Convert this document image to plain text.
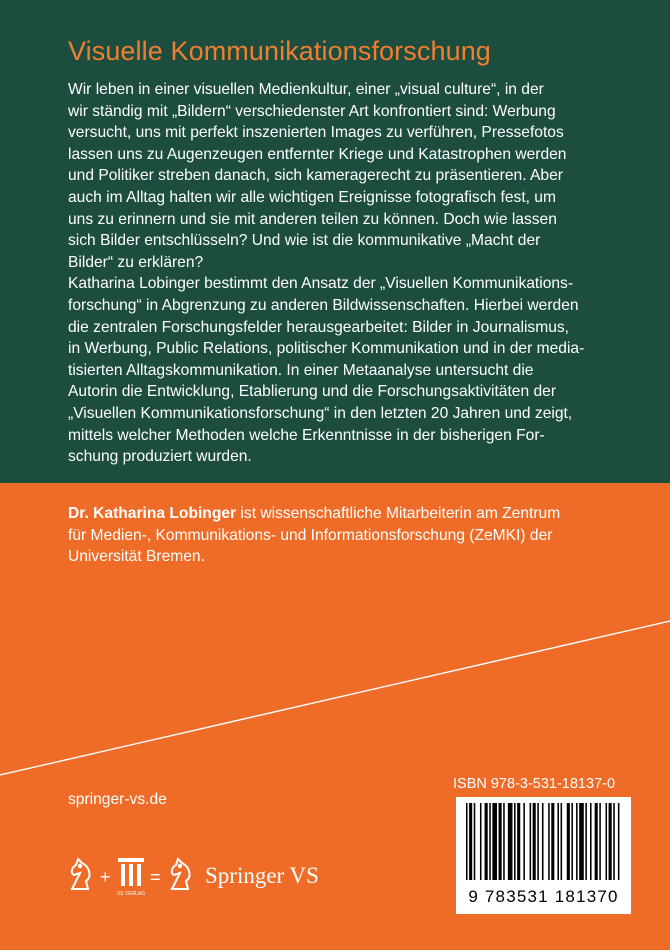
Visuelle Kommunikationsforschung

Wir leben in einer visuellen Medienkultur, einer „visual culture“, in der

wir ständig mit „Bildern“ verschiedenster Art konfrontiert sind: Werbung

versucht, uns mit perfekt inszenierten Images zu verführen, Pressefotos

lassen uns zu Augenzeugen entfernter Kriege und Katastrophen werden

und Politiker streben danach, sich kameragerecht zu präsentieren. Aber

auch im Alltag halten wir alle wichtigen Ereignisse fotografisch fest, um

uns zu erinnern und sie mit anderen teilen zu können. Doch wie lassen

sich Bilder entschlüsseln? Und wie ist die kommunikative „Macht der

Bilder“ zu erklären?

Katharina Lobinger bestimmt den Ansatz der „Visuellen Kommunikations-

forschung“ in Abgrenzung zu anderen Bildwissenschaften. Hierbei werden

die zentralen Forschungsfelder herausgearbeitet: Bilder in Journalismus,

in Werbung, Public Relations, politischer Kommunikation und in der media-

tisierten Alltagskommunikation. In einer Metaanalyse untersucht die

Autorin die Entwicklung, Etablierung und die Forschungsaktivitäten der

„Visuellen Kommunikationsforschung“ in den letzten 20 Jahren und zeigt,

mittels welcher Methoden welche Erkenntnisse in der bisherigen For-

schung produziert wurden.

Dr. Katharina Lobinger ist wissenschaftliche Mitarbeiterin am Zentrum
für Medien-, Kommunikations- und Informationsforschung (ZeMKI) der
Universität Bremen.
springer-vs.de
+
VS VERLAG
= Springer VS
ISBN 978-3-531-18137-0
9 783531 181370
